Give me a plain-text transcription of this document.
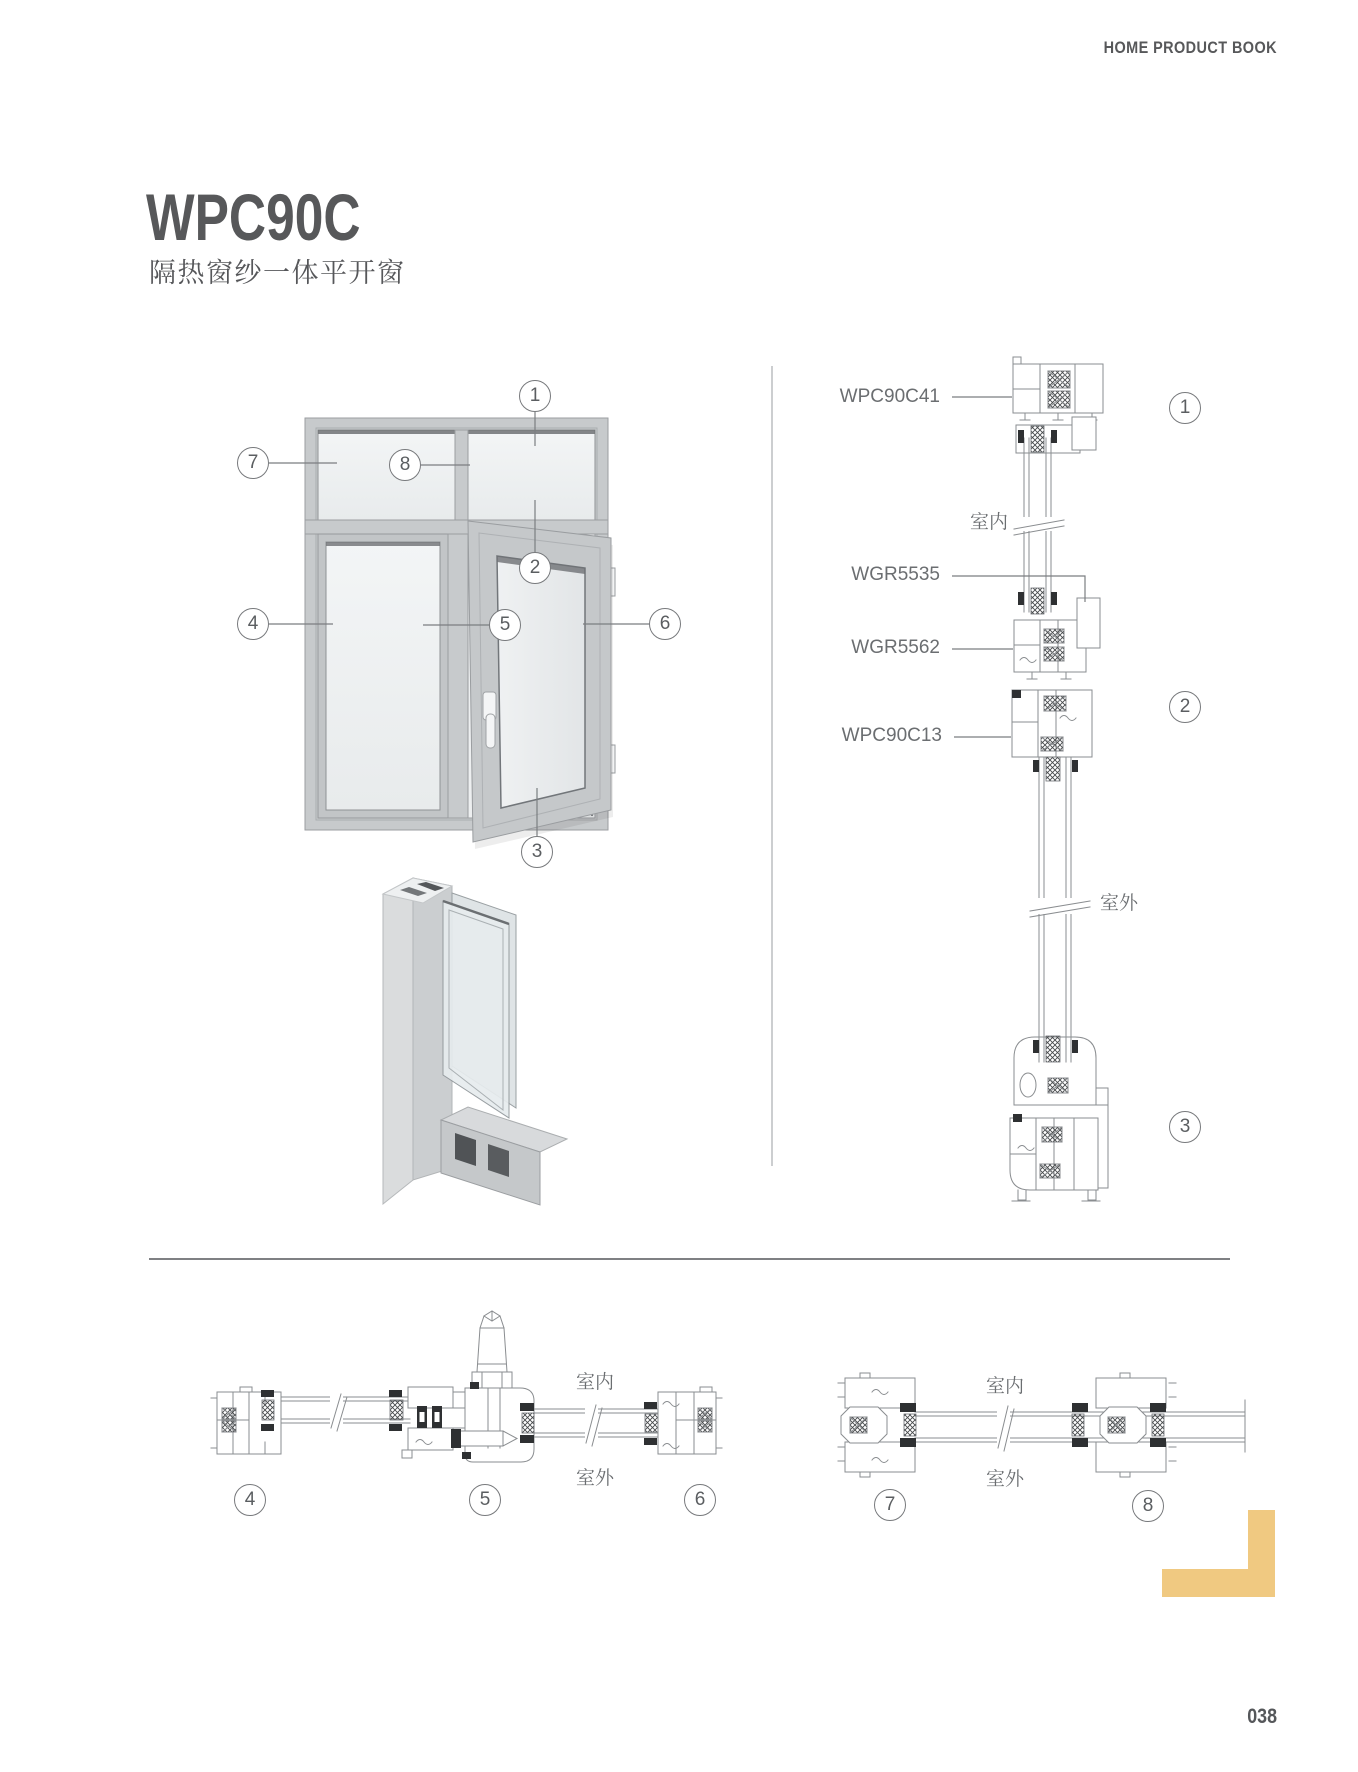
HOME PRODUCT BOOK
WPC90C
隔热窗纱一体平开窗
WPC90C41
WGR5535
WGR5562
WPC90C13
室内
室外
室内
室外
室内
室外
1
7	8
2
4	5	6
3
1
2
3
4	5	6	7	8
038
